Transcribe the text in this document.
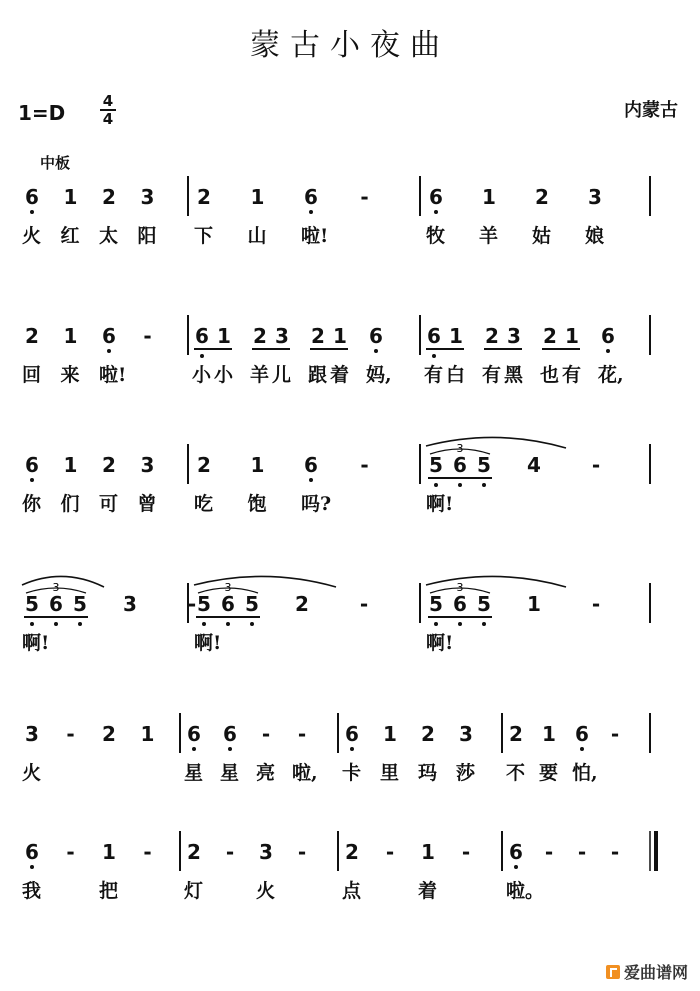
蒙古小夜曲
1=D	4
4	内蒙古
中板
6 1 2 3
火 红 太 阳
2 1 6 -
下 山 啦!
6 1 2 3
牧 羊 姑 娘
2 1 6 -
回 来 啦!
6 1 2 3 2 1 6
小 小 羊 儿 跟 着 妈,
6 1 2 3 2 1 6
有 白 有 黑 也 有 花,
6 1 2 3
你 们 可 曾
2 1 6 -
吃 饱 吗?
5 6 5 4	-
3
啊!
5 6 5 3	-
3
啊!
5 6 5 2	-
3
啊!
5 6 5 1	-
3
啊!
3 - 2 1
火
6 6 - -
星 星 亮 啦,
6 1 2 3
卡 里 玛 莎
2 1 6 -
不 要 怕,
6 - 1 -
我	把
2 - 3 -
灯	火
2 - 1 -
点	着
6 - - -
啦。
爱曲谱网
